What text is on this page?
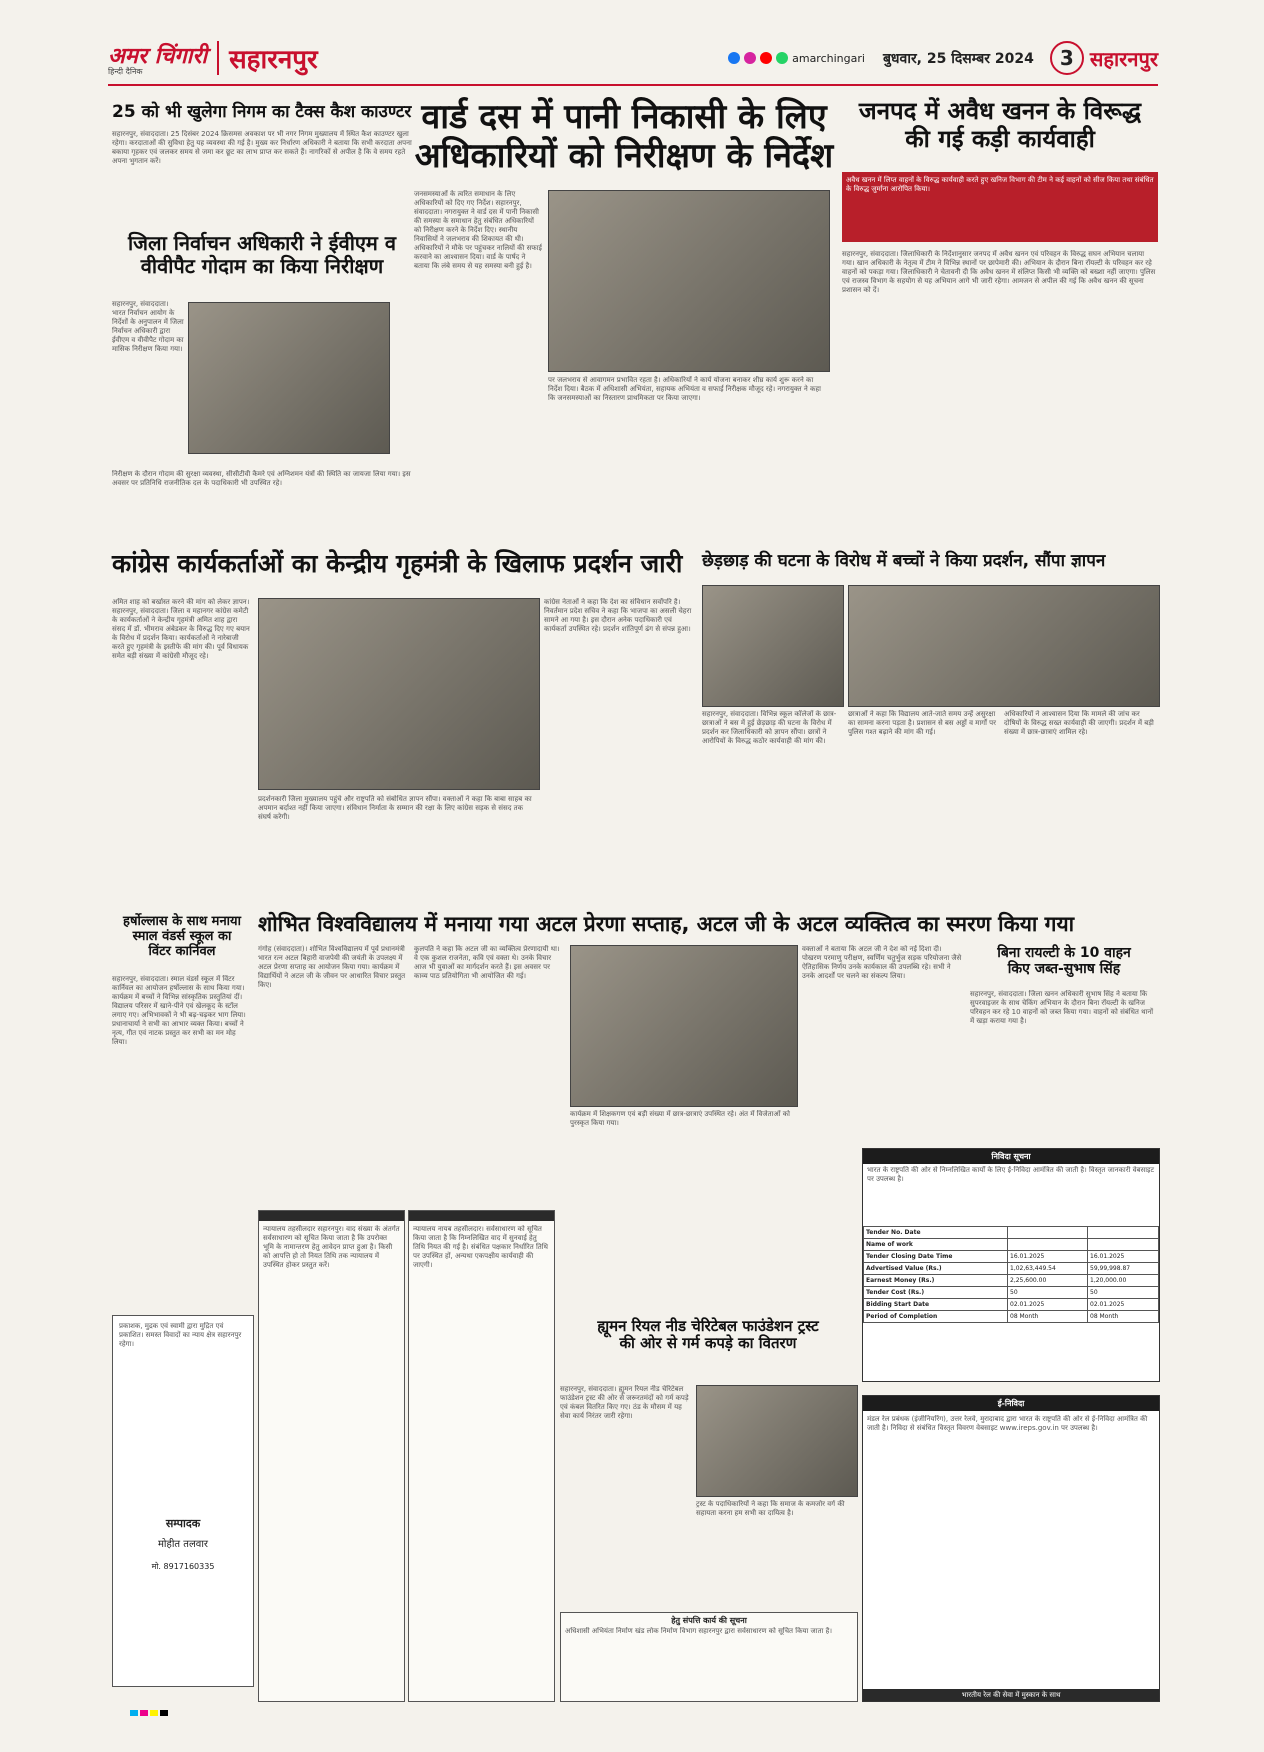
अमर चिंगारी
हिन्दी दैनिक	सहारनपुर	amarchingari बुधवार, 25 दिसम्बर 2024	3 सहारनपुर
25 को भी खुलेगा निगम का टैक्स कैश काउण्टर

सहारनपुर, संवाददाता। 25 दिसंबर 2024 क्रिसमस अवकाश पर भी नगर निगम मुख्यालय में स्थित कैश काउण्टर खुला रहेगा। करदाताओं की सुविधा हेतु यह व्यवस्था की गई है। मुख्य कर निर्धारण अधिकारी ने बताया कि सभी करदाता अपना बकाया गृहकर एवं जलकर समय से जमा कर छूट का लाभ प्राप्त कर सकते हैं। नागरिकों से अपील है कि वे समय रहते अपना भुगतान करें।

जिला निर्वाचन अधिकारी ने ईवीएम व
वीवीपैट गोदाम का किया निरीक्षण

सहारनपुर, संवाददाता। भारत निर्वाचन आयोग के निर्देशों के अनुपालन में जिला निर्वाचन अधिकारी द्वारा ईवीएम व वीवीपैट गोदाम का मासिक निरीक्षण किया गया।

निरीक्षण के दौरान गोदाम की सुरक्षा व्यवस्था, सीसीटीवी कैमरे एवं अग्निशमन यंत्रों की स्थिति का जायजा लिया गया। इस अवसर पर प्रतिनिधि राजनीतिक दल के पदाधिकारी भी उपस्थित रहे।

वार्ड दस में पानी निकासी के लिए
अधिकारियों को निरीक्षण के निर्देश

जनसमस्याओं के त्वरित समाधान के लिए अधिकारियों को दिए गए निर्देश। सहारनपुर, संवाददाता। नगरायुक्त ने वार्ड दस में पानी निकासी की समस्या के समाधान हेतु संबंधित अधिकारियों को निरीक्षण करने के निर्देश दिए। स्थानीय निवासियों ने जलभराव की शिकायत की थी। अधिकारियों ने मौके पर पहुंचकर नालियों की सफाई करवाने का आश्वासन दिया। वार्ड के पार्षद ने बताया कि लंबे समय से यह समस्या बनी हुई है।

पर जलभराव से आवागमन प्रभावित रहता है। अधिकारियों ने कार्य योजना बनाकर शीघ्र कार्य शुरू करने का निर्देश दिया। बैठक में अधिशासी अभियंता, सहायक अभियंता व सफाई निरीक्षक मौजूद रहे। नगरायुक्त ने कहा कि जनसमस्याओं का निस्तारण प्राथमिकता पर किया जाएगा।

जनपद में अवैध खनन के विरूद्ध
की गई कड़ी कार्यवाही
अवैध खनन में लिप्त वाहनों के विरुद्ध कार्यवाही करते हुए खनिज विभाग की टीम ने कई वाहनों को सीज किया तथा संबंधित के विरुद्ध जुर्माना आरोपित किया।

सहारनपुर, संवाददाता। जिलाधिकारी के निर्देशानुसार जनपद में अवैध खनन एवं परिवहन के विरुद्ध सघन अभियान चलाया गया। खान अधिकारी के नेतृत्व में टीम ने विभिन्न स्थानों पर छापेमारी की। अभियान के दौरान बिना रॉयल्टी के परिवहन कर रहे वाहनों को पकड़ा गया। जिलाधिकारी ने चेतावनी दी कि अवैध खनन में संलिप्त किसी भी व्यक्ति को बख्शा नहीं जाएगा। पुलिस एवं राजस्व विभाग के सहयोग से यह अभियान आगे भी जारी रहेगा। आमजन से अपील की गई कि अवैध खनन की सूचना प्रशासन को दें।

कांग्रेस कार्यकर्ताओं का केन्द्रीय गृहमंत्री के खिलाफ प्रदर्शन जारी

अमित शाह को बर्खास्त करने की मांग को लेकर ज्ञापन। सहारनपुर, संवाददाता। जिला व महानगर कांग्रेस कमेटी के कार्यकर्ताओं ने केन्द्रीय गृहमंत्री अमित शाह द्वारा संसद में डॉ. भीमराव अंबेडकर के विरुद्ध दिए गए बयान के विरोध में प्रदर्शन किया। कार्यकर्ताओं ने नारेबाजी करते हुए गृहमंत्री के इस्तीफे की मांग की। पूर्व विधायक समेत बड़ी संख्या में कांग्रेसी मौजूद रहे।

प्रदर्शनकारी जिला मुख्यालय पहुंचे और राष्ट्रपति को संबोधित ज्ञापन सौंपा। वक्ताओं ने कहा कि बाबा साहब का अपमान बर्दाश्त नहीं किया जाएगा। संविधान निर्माता के सम्मान की रक्षा के लिए कांग्रेस सड़क से संसद तक संघर्ष करेगी।

कांग्रेस नेताओं ने कहा कि देश का संविधान सर्वोपरि है। निवर्तमान प्रदेश सचिव ने कहा कि भाजपा का असली चेहरा सामने आ गया है। इस दौरान अनेक पदाधिकारी एवं कार्यकर्ता उपस्थित रहे। प्रदर्शन शांतिपूर्ण ढंग से संपन्न हुआ।

छेड़छाड़ की घटना के विरोध में बच्चों ने किया प्रदर्शन, सौंपा ज्ञापन

सहारनपुर, संवाददाता। विभिन्न स्कूल कॉलेजों के छात्र-छात्राओं ने बस में हुई छेड़छाड़ की घटना के विरोध में प्रदर्शन कर जिलाधिकारी को ज्ञापन सौंपा। छात्रों ने आरोपियों के विरुद्ध कठोर कार्यवाही की मांग की।

छात्राओं ने कहा कि विद्यालय आते-जाते समय उन्हें असुरक्षा का सामना करना पड़ता है। प्रशासन से बस अड्डों व मार्गों पर पुलिस गश्त बढ़ाने की मांग की गई।

अधिकारियों ने आश्वासन दिया कि मामले की जांच कर दोषियों के विरुद्ध सख्त कार्यवाही की जाएगी। प्रदर्शन में बड़ी संख्या में छात्र-छात्राएं शामिल रहे।

हर्षोल्लास के साथ मनाया
स्माल वंडर्स स्कूल का
विंटर कार्निवल

सहारनपुर, संवाददाता। स्माल वंडर्स स्कूल में विंटर कार्निवल का आयोजन हर्षोल्लास के साथ किया गया। कार्यक्रम में बच्चों ने विभिन्न सांस्कृतिक प्रस्तुतियां दीं। विद्यालय परिसर में खाने-पीने एवं खेलकूद के स्टॉल लगाए गए। अभिभावकों ने भी बढ़-चढ़कर भाग लिया। प्रधानाचार्या ने सभी का आभार व्यक्त किया। बच्चों ने नृत्य, गीत एवं नाटक प्रस्तुत कर सभी का मन मोह लिया।

प्रकाशक, मुद्रक एवं स्वामी द्वारा मुद्रित एवं प्रकाशित। समस्त विवादों का न्याय क्षेत्र सहारनपुर रहेगा।

सम्पादक
मोहीत तलवार
मो. 8917160335
शोभित विश्वविद्यालय में मनाया गया अटल प्रेरणा सप्ताह, अटल जी के अटल व्यक्तित्व का स्मरण किया गया

गंगोह (संवाददाता)। शोभित विश्वविद्यालय में पूर्व प्रधानमंत्री भारत रत्न अटल बिहारी वाजपेयी की जयंती के उपलक्ष्य में अटल प्रेरणा सप्ताह का आयोजन किया गया। कार्यक्रम में विद्यार्थियों ने अटल जी के जीवन पर आधारित विचार प्रस्तुत किए।

कुलपति ने कहा कि अटल जी का व्यक्तित्व प्रेरणादायी था। वे एक कुशल राजनेता, कवि एवं वक्ता थे। उनके विचार आज भी युवाओं का मार्गदर्शन करते हैं। इस अवसर पर काव्य पाठ प्रतियोगिता भी आयोजित की गई।

कार्यक्रम में शिक्षकगण एवं बड़ी संख्या में छात्र-छात्राएं उपस्थित रहे। अंत में विजेताओं को पुरस्कृत किया गया।

वक्ताओं ने बताया कि अटल जी ने देश को नई दिशा दी। पोखरण परमाणु परीक्षण, स्वर्णिम चतुर्भुज सड़क परियोजना जैसे ऐतिहासिक निर्णय उनके कार्यकाल की उपलब्धि रहे। सभी ने उनके आदर्शों पर चलने का संकल्प लिया।

बिना रायल्टी के 10 वाहन
किए जब्त-सुभाष सिंह

सहारनपुर, संवाददाता। जिला खनन अधिकारी सुभाष सिंह ने बताया कि सुपरवाइजर के साथ चेकिंग अभियान के दौरान बिना रॉयल्टी के खनिज परिवहन कर रहे 10 वाहनों को जब्त किया गया। वाहनों को संबंधित थानों में खड़ा कराया गया है।

निविदा सूचना

भारत के राष्ट्रपति की ओर से निम्नलिखित कार्यों के लिए ई-निविदा आमंत्रित की जाती है। विस्तृत जानकारी वेबसाइट पर उपलब्ध है।

Tender No. Date		
Name of work		
Tender Closing Date Time	16.01.2025	16.01.2025
Advertised Value (Rs.)	1,02,63,449.54	59,99,998.87
Earnest Money (Rs.)	2,25,600.00	1,20,000.00
Tender Cost (Rs.)	50	50
Bidding Start Date	02.01.2025	02.01.2025
Period of Completion	08 Month	08 Month
ह्यूमन रियल नीड चेरिटेबल फाउंडेशन ट्रस्ट
की ओर से गर्म कपड़े का वितरण

सहारनपुर, संवाददाता। ह्यूमन रियल नीड चेरिटेबल फाउंडेशन ट्रस्ट की ओर से जरूरतमंदों को गर्म कपड़े एवं कंबल वितरित किए गए। ठंड के मौसम में यह सेवा कार्य निरंतर जारी रहेगा।

ट्रस्ट के पदाधिकारियों ने कहा कि समाज के कमजोर वर्ग की सहायता करना हम सभी का दायित्व है।

न्यायालय तहसीलदार सहारनपुर। वाद संख्या के अंतर्गत सर्वसाधारण को सूचित किया जाता है कि उपरोक्त भूमि के नामान्तरण हेतु आवेदन प्राप्त हुआ है। किसी को आपत्ति हो तो नियत तिथि तक न्यायालय में उपस्थित होकर प्रस्तुत करें।

न्यायालय नायब तहसीलदार। सर्वसाधारण को सूचित किया जाता है कि निम्नलिखित वाद में सुनवाई हेतु तिथि नियत की गई है। संबंधित पक्षकार निर्धारित तिथि पर उपस्थित हों, अन्यथा एकपक्षीय कार्यवाही की जाएगी।

हेतु संपत्ति कार्य की सूचना

अधिशासी अभियंता निर्माण खंड लोक निर्माण विभाग सहारनपुर द्वारा सर्वसाधारण को सूचित किया जाता है।

ई-निविदा

मंडल रेल प्रबंधक (इंजीनियरिंग), उत्तर रेलवे, मुरादाबाद द्वारा भारत के राष्ट्रपति की ओर से ई-निविदा आमंत्रित की जाती है। निविदा से संबंधित विस्तृत विवरण वेबसाइट www.ireps.gov.in पर उपलब्ध है।

भारतीय रेल की सेवा में मुस्कान के साथ
